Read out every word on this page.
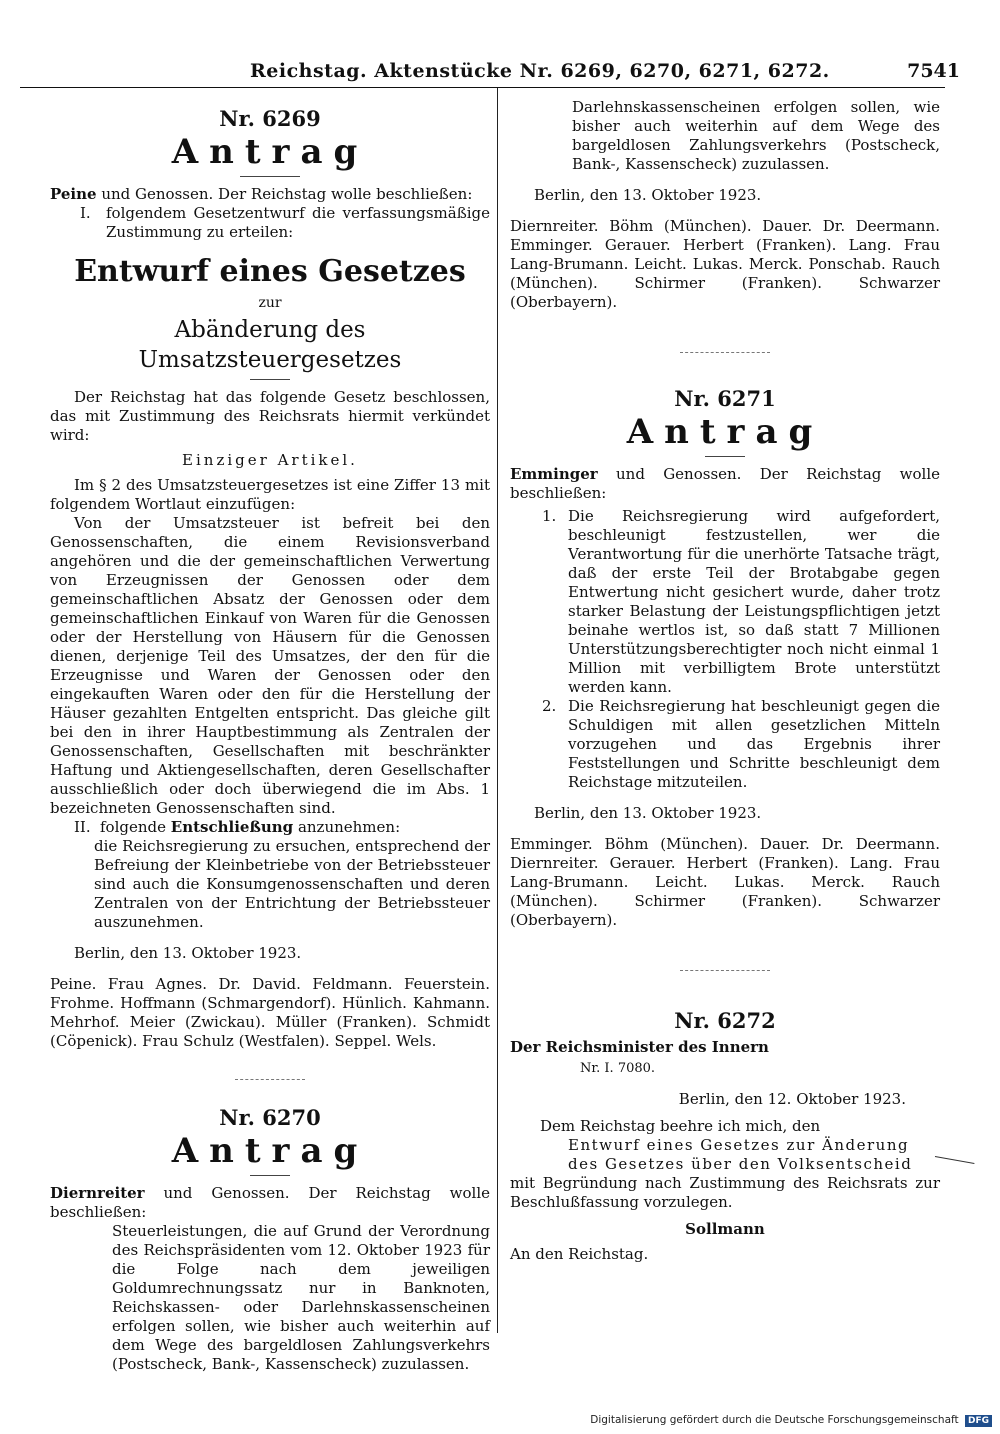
Reichstag. Aktenstücke Nr. 6269, 6270, 6271, 6272.	7541
Nr. 6269
Antrag

Peine und Genossen. Der Reichstag wolle beschließen:

I.	folgendem Gesetzentwurf die verfassungsmäßige Zustimmung zu erteilen:
Entwurf eines Gesetzes
zur
Abänderung des Umsatzsteuergesetzes

Der Reichstag hat das folgende Gesetz beschlossen, das mit Zustimmung des Reichsrats hiermit verkündet wird:

Einziger Artikel.

Im § 2 des Umsatzsteuergesetzes ist eine Ziffer 13 mit folgendem Wortlaut einzufügen:

Von der Umsatzsteuer ist befreit bei den Genossenschaften, die einem Revisionsverband angehören und die der gemeinschaftlichen Verwertung von Erzeugnissen der Genossen oder dem gemeinschaftlichen Absatz der Genossen oder dem gemeinschaftlichen Einkauf von Waren für die Genossen oder der Herstellung von Häusern für die Genossen dienen, derjenige Teil des Umsatzes, der den für die Erzeugnisse und Waren der Genossen oder den eingekauften Waren oder den für die Herstellung der Häuser gezahlten Entgelten entspricht. Das gleiche gilt bei den in ihrer Hauptbestimmung als Zentralen der Genossenschaften, Gesellschaften mit beschränkter Haftung und Aktiengesellschaften, deren Gesellschafter ausschließlich oder doch überwiegend die im Abs. 1 bezeichneten Genossenschaften sind.

II. folgende Entschließung anzunehmen:
die Reichsregierung zu ersuchen, entsprechend der Befreiung der Kleinbetriebe von der Betriebssteuer sind auch die Konsumgenossenschaften und deren Zentralen von der Entrichtung der Betriebssteuer auszunehmen.
Berlin, den 13. Oktober 1923.

Peine. Frau Agnes. Dr. David. Feldmann. Feuerstein. Frohme. Hoffmann (Schmargendorf). Hünlich. Kahmann. Mehrhof. Meier (Zwickau). Müller (Franken). Schmidt (Cöpenick). Frau Schulz (Westfalen). Seppel. Wels.

Nr. 6270
Antrag

Diernreiter und Genossen. Der Reichstag wolle beschließen:

Steuerleistungen, die auf Grund der Verordnung des Reichspräsidenten vom 12. Oktober 1923 für die Folge nach dem jeweiligen Goldumrechnungssatz nur in Banknoten, Reichskassen- oder Darlehnskassenscheinen erfolgen sollen, wie bisher auch weiterhin auf dem Wege des bargeldlosen Zahlungsverkehrs (Postscheck, Bank-, Kassenscheck) zuzulassen.
Darlehnskassenscheinen erfolgen sollen, wie bisher auch weiterhin auf dem Wege des bargeldlosen Zahlungsverkehrs (Postscheck, Bank-, Kassenscheck) zuzulassen.
Berlin, den 13. Oktober 1923.

Diernreiter. Böhm (München). Dauer. Dr. Deermann. Emminger. Gerauer. Herbert (Franken). Lang. Frau Lang-Brumann. Leicht. Lukas. Merck. Ponschab. Rauch (München). Schirmer (Franken). Schwarzer (Oberbayern).

Nr. 6271
Antrag

Emminger und Genossen. Der Reichstag wolle beschließen:

1. Die Reichsregierung wird aufgefordert, beschleunigt festzustellen, wer die Verantwortung für die unerhörte Tatsache trägt, daß der erste Teil der Brotabgabe gegen Entwertung nicht gesichert wurde, daher trotz starker Belastung der Leistungspflichtigen jetzt beinahe wertlos ist, so daß statt 7 Millionen Unterstützungsberechtigter noch nicht einmal 1 Million mit verbilligtem Brote unterstützt werden kann.
2. Die Reichsregierung hat beschleunigt gegen die Schuldigen mit allen gesetzlichen Mitteln vorzugehen und das Ergebnis ihrer Feststellungen und Schritte beschleunigt dem Reichstage mitzuteilen.
Berlin, den 13. Oktober 1923.

Emminger. Böhm (München). Dauer. Dr. Deermann. Diernreiter. Gerauer. Herbert (Franken). Lang. Frau Lang-Brumann. Leicht. Lukas. Merck. Rauch (München). Schirmer (Franken). Schwarzer (Oberbayern).

Nr. 6272
Der Reichsminister des Innern
Nr. I. 7080.
Berlin, den 12. Oktober 1923.

Dem Reichstag beehre ich mich, den

Entwurf eines Gesetzes zur Änderung des Gesetzes über den Volksentscheid

mit Begründung nach Zustimmung des Reichsrats zur Beschlußfassung vorzulegen.

Sollmann

An den Reichstag.

Digitalisierung gefördert durch die Deutsche Forschungsgemeinschaft DFG
